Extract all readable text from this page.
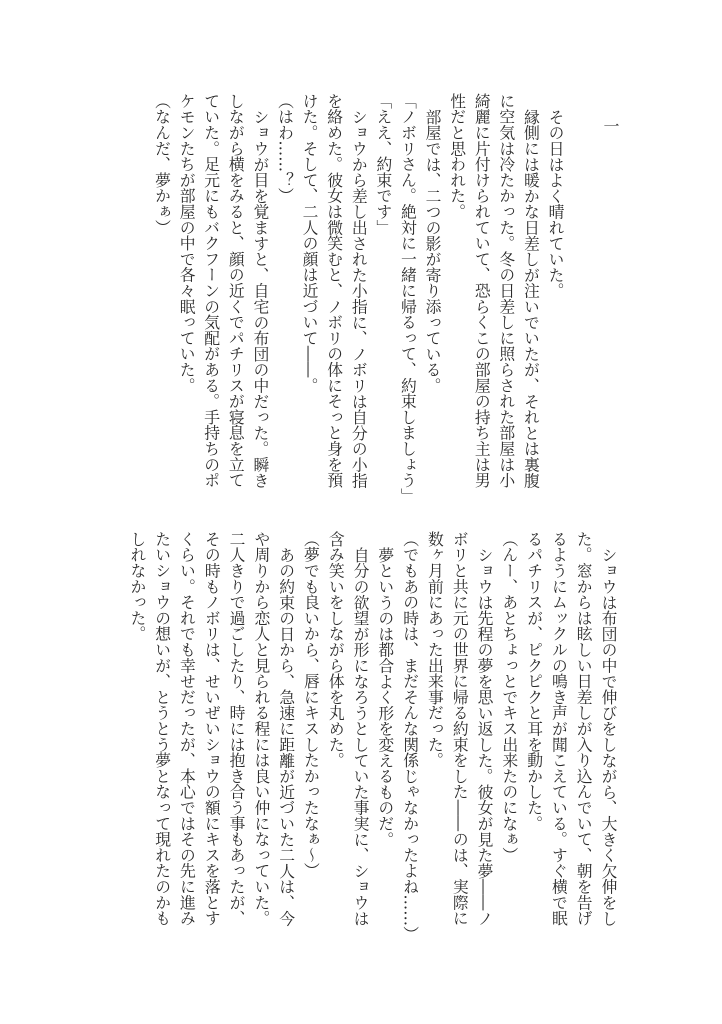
一
その日はよく晴れていた。
縁側には暖かな日差しが注いでいたが、それとは裏腹
に空気は冷たかった。冬の日差しに照らされた部屋は小
綺麗に片付けられていて、恐らくこの部屋の持ち主は男
性だと思われた。
部屋では、二つの影が寄り添っている。
「ノボリさん。絶対に一緒に帰るって、約束しましょう」
「ええ、約束です」
ショウから差し出された小指に、ノボリは自分の小指
を絡めた。彼女は微笑むと、ノボリの体にそっと身を預
けた。そして、二人の顔は近づいて――。
（はわ……？）
ショウが目を覚ますと、自宅の布団の中だった。瞬き
しながら横をみると、顔の近くでパチリスが寝息を立て
ていた。足元にもバクフーンの気配がある。手持ちのポ
ケモンたちが部屋の中で各々眠っていた。
（なんだ、夢かぁ）
ショウは布団の中で伸びをしながら、大きく欠伸をし
た。窓からは眩しい日差しが入り込んでいて、朝を告げ
るようにムックルの鳴き声が聞こえている。すぐ横で眠
るパチリスが、ピクピクと耳を動かした。
（んー、あとちょっとでキス出来たのになぁ）
ショウは先程の夢を思い返した。彼女が見た夢――ノ
ボリと共に元の世界に帰る約束をした――のは、実際に
数ヶ月前にあった出来事だった。
（でもあの時は、まだそんな関係じゃなかったよね……）
夢というのは都合よく形を変えるものだ。
自分の欲望が形になろうとしていた事実に、ショウは
含み笑いをしながら体を丸めた。
（夢でも良いから、唇にキスしたかったなぁ～）
あの約束の日から、急速に距離が近づいた二人は、今
や周りから恋人と見られる程には良い仲になっていた。
二人きりで過ごしたり、時には抱き合う事もあったが、
その時もノボリは、せいぜいショウの額にキスを落とす
くらい。それでも幸せだったが、本心ではその先に進み
たいショウの想いが、とうとう夢となって現れたのかも
しれなかった。
